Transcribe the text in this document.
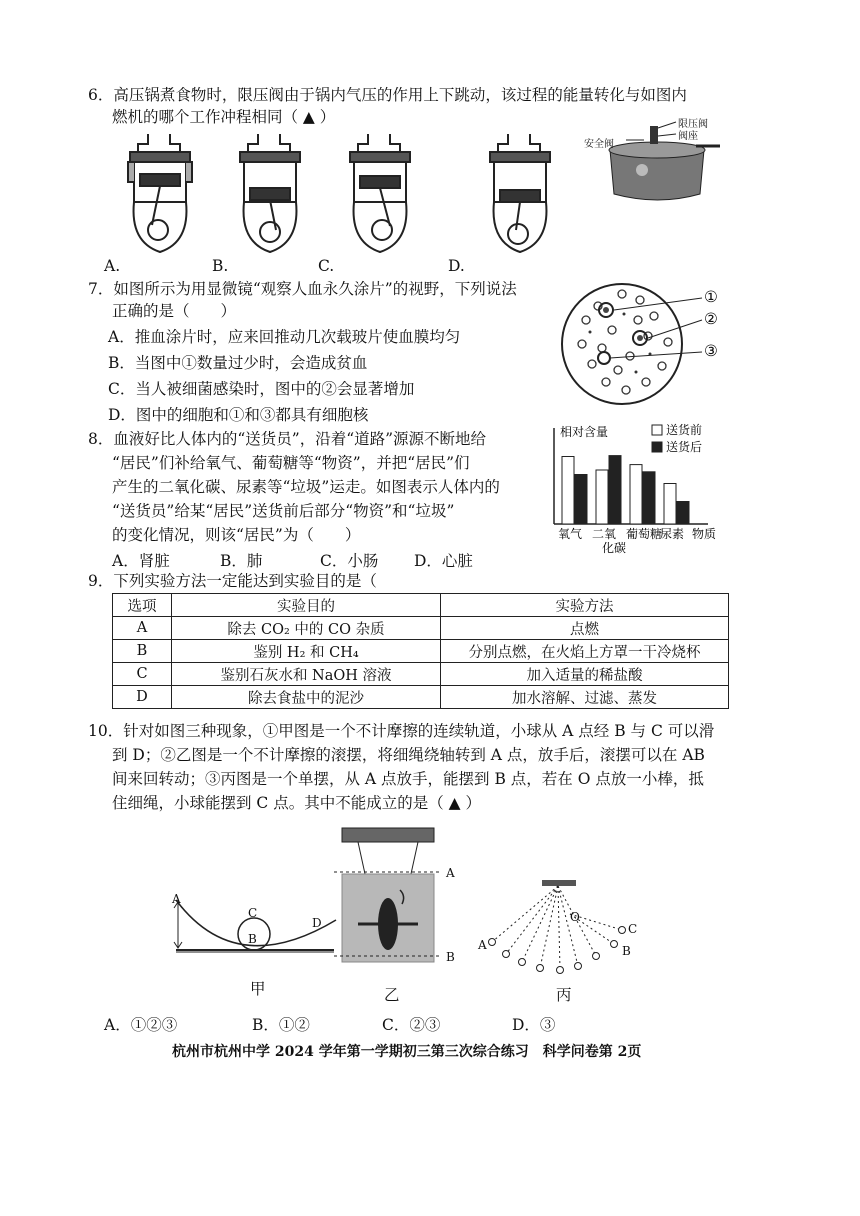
6．高压锅煮食物时，限压阀由于锅内气压的作用上下跳动，该过程的能量转化与如图内
燃机的哪个工作冲程相同（ ▲ ）
A.	B.	C.	D.
限压阀
阀座
安全阀
7．如图所示为用显微镜“观察人血永久涂片”的视野，下列说法
正确的是（　　）
A．推血涂片时，应来回推动几次载玻片使血膜均匀
B．当图中①数量过少时，会造成贫血
C．当人被细菌感染时，图中的②会显著增加
D．图中的细胞和①和③都具有细胞核
①
②
③
8．血液好比人体内的“送货员”，沿着“道路”源源不断地给
“居民”们补给氧气、葡萄糖等“物资”，并把“居民”们
产生的二氧化碳、尿素等“垃圾”运走。如图表示人体内的
“送货员”给某“居民”送货前后部分“物资”和“垃圾”
的变化情况，则该“居民”为（　　）
A．肾脏	B．肺	C．小肠 D．心脏
相对含量	送货前
送货后
氧气 二氧 葡萄糖
尿素 物质
化碳
9．下列实验方法一定能达到实验目的是（
选项	实验目的	实验方法
A	除去 CO₂ 中的 CO 杂质	点燃
B	鉴别 H₂ 和 CH₄	分别点燃，在火焰上方罩一干冷烧杯
C	鉴别石灰水和 NaOH 溶液	加入适量的稀盐酸
D	除去食盐中的泥沙	加水溶解、过滤、蒸发
10．针对如图三种现象，①甲图是一个不计摩擦的连续轨道，小球从 A 点经 B 与 C 可以滑
到 D；②乙图是一个不计摩擦的滚摆，将细绳绕轴转到 A 点，放手后，滚摆可以在 AB
间来回转动；③丙图是一个单摆，从 A 点放手，能摆到 B 点，若在 O 点放一小棒，抵
住细绳，小球能摆到 C 点。其中不能成立的是（ ▲ ）
A
C
B
D
甲
A
B
乙
O
A	B
C
丙
A．①②③	B．①②	C．②③	D．③
杭州市杭州中学 2024 学年第一学期初三第三次综合练习　科学问卷第 2页
